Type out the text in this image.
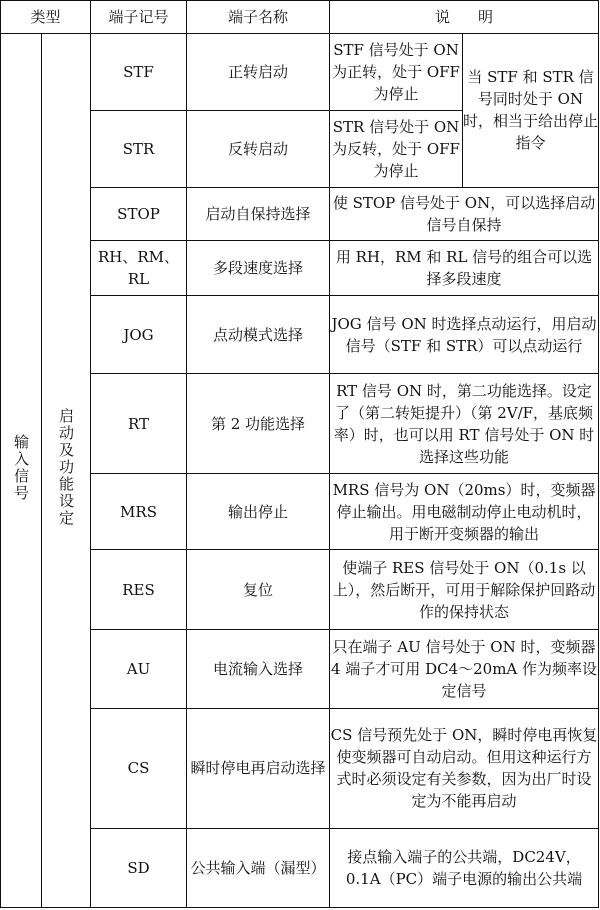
类型		端子记号	端子名称	说 明	
输入信号	启动及功能设定	STF	正转启动	STF 信号处于 ON 为正转，处于 OFF 为停止	当 STF 和 STR 信号同时处于 ON 时，相当于给出停止指令
		STR	反转启动	STR 信号处于 ON 为反转，处于 OFF 为停止	
		STOP	启动自保持选择	使 STOP 信号处于 ON，可以选择启动信号自保持	
		RH、RM、RL	多段速度选择	用 RH，RM 和 RL 信号的组合可以选择多段速度	
		JOG	点动模式选择	JOG 信号 ON 时选择点动运行，用启动信号（STF 和 STR）可以点动运行	
		RT	第 2 功能选择	RT 信号 ON 时，第二功能选择。设定了（第二转矩提升）（第 2V/F，基底频率）时，也可以用 RT 信号处于 ON 时选择这些功能	
		MRS	输出停止	MRS 信号为 ON（20ms）时，变频器停止输出。用电磁制动停止电动机时，用于断开变频器的输出	
		RES	复位	使端子 RES 信号处于 ON（0.1s 以上），然后断开，可用于解除保护回路动作的保持状态	
		AU	电流输入选择	只在端子 AU 信号处于 ON 时，变频器 4 端子才可用 DC4～20mA 作为频率设定信号	
		CS	瞬时停电再启动选择	CS 信号预先处于 ON，瞬时停电再恢复使变频器可自动启动。但用这种运行方式时必须设定有关参数，因为出厂时设定为不能再启动	
		SD	公共输入端（漏型）	接点输入端子的公共端，DC24V，0.1A（PC）端子电源的输出公共端	
